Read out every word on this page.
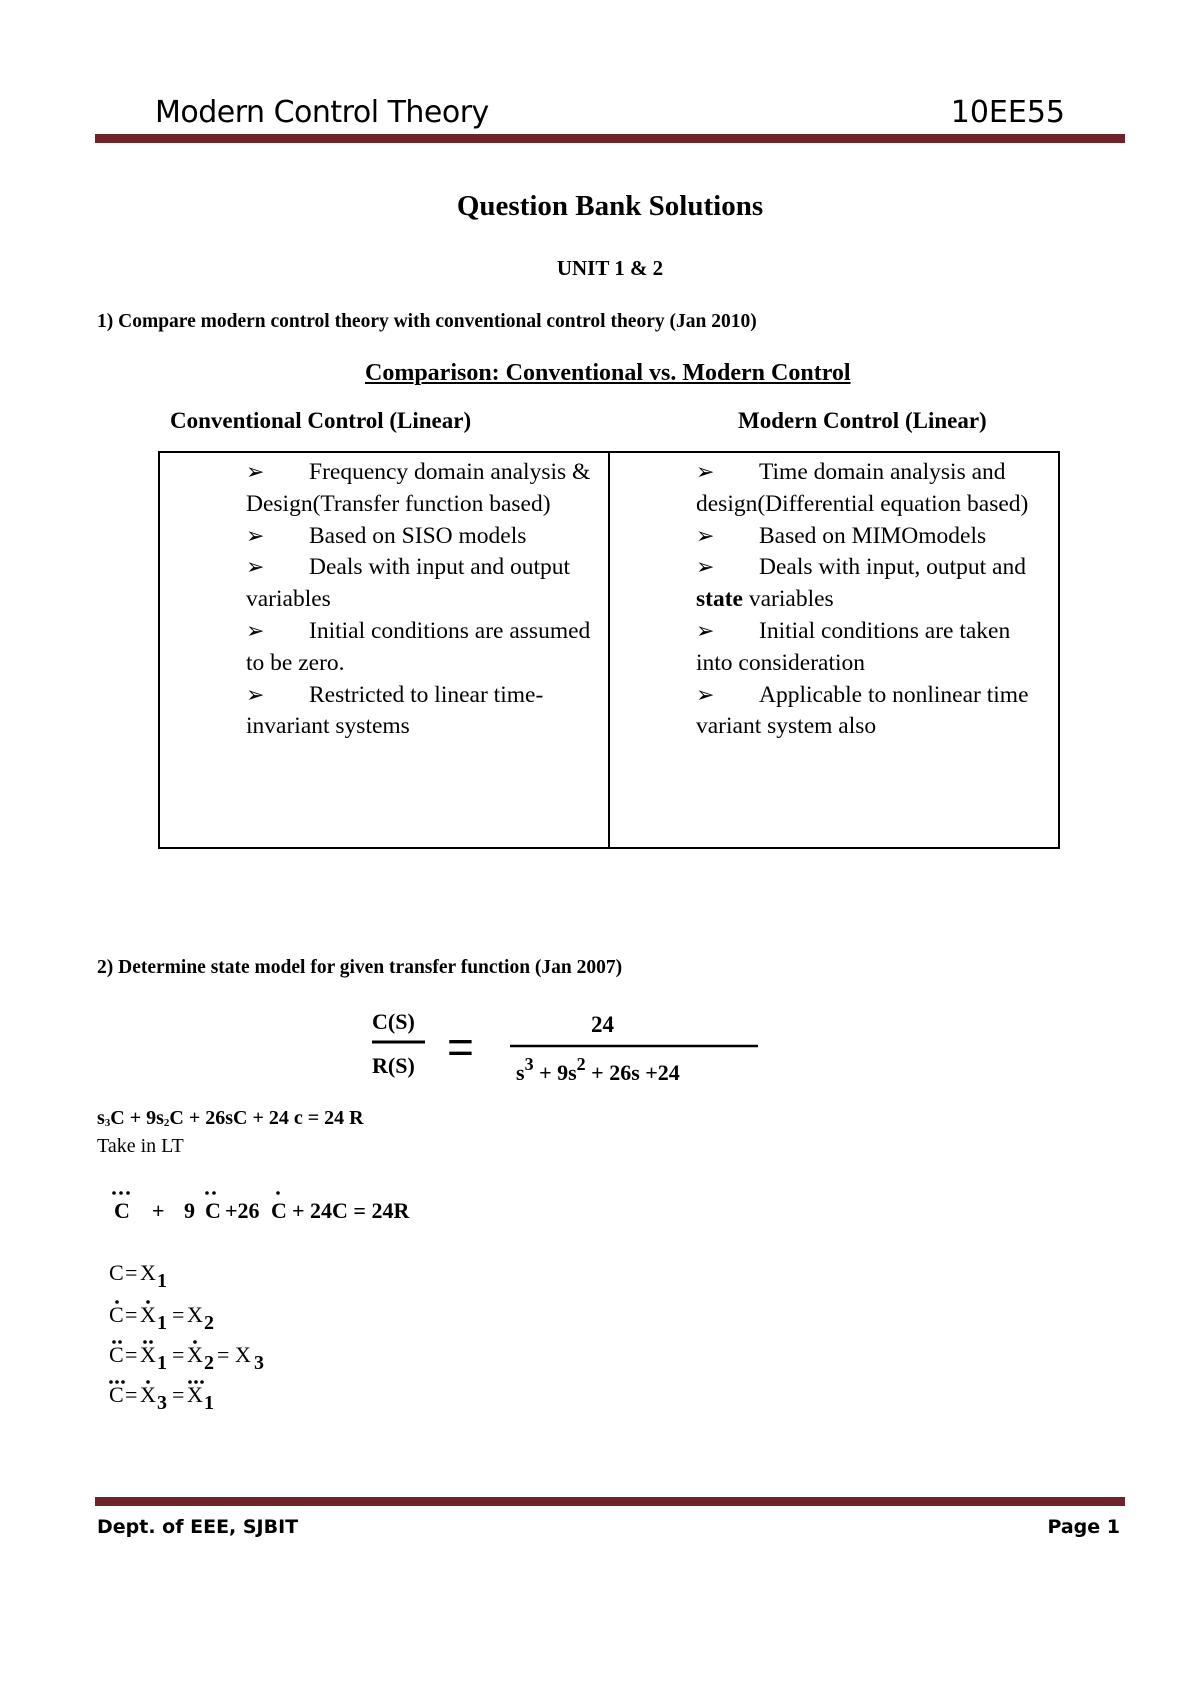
Modern Control Theory	10EE55
Question Bank Solutions
UNIT 1 & 2
1) Compare modern control theory with conventional control theory (Jan 2010)
Comparison: Conventional vs. Modern Control
Conventional Control (Linear)	Modern Control (Linear)

➢ Frequency domain analysis & Design(Transfer function based)

➢ Based on SISO models

➢ Deals with input and output variables

➢ Initial conditions are assumed to be zero.

➢ Restricted to linear time-invariant systems

➢ Time domain analysis and design(Differential equation based)

➢ Based on MIMOmodels

➢ Deals with input, output and state variables

➢ Initial conditions are taken into consideration

➢ Applicable to nonlinear time variant system also

2) Determine state model for given transfer function (Jan 2007)
C(S)
R(S) =	24
$s^3 + 9s^2 + 26s +24$
$s_3C + 9s_2C + 26sC + 24$ c = 24 R
Take in LT
C + 9 C +26 C + 24C = 24R
C = X 1
C = X 1 = X 2
C = X 1 = X 2 = X 3
C = X 3 = X 1
Dept. of EEE, SJBIT	Page 1
